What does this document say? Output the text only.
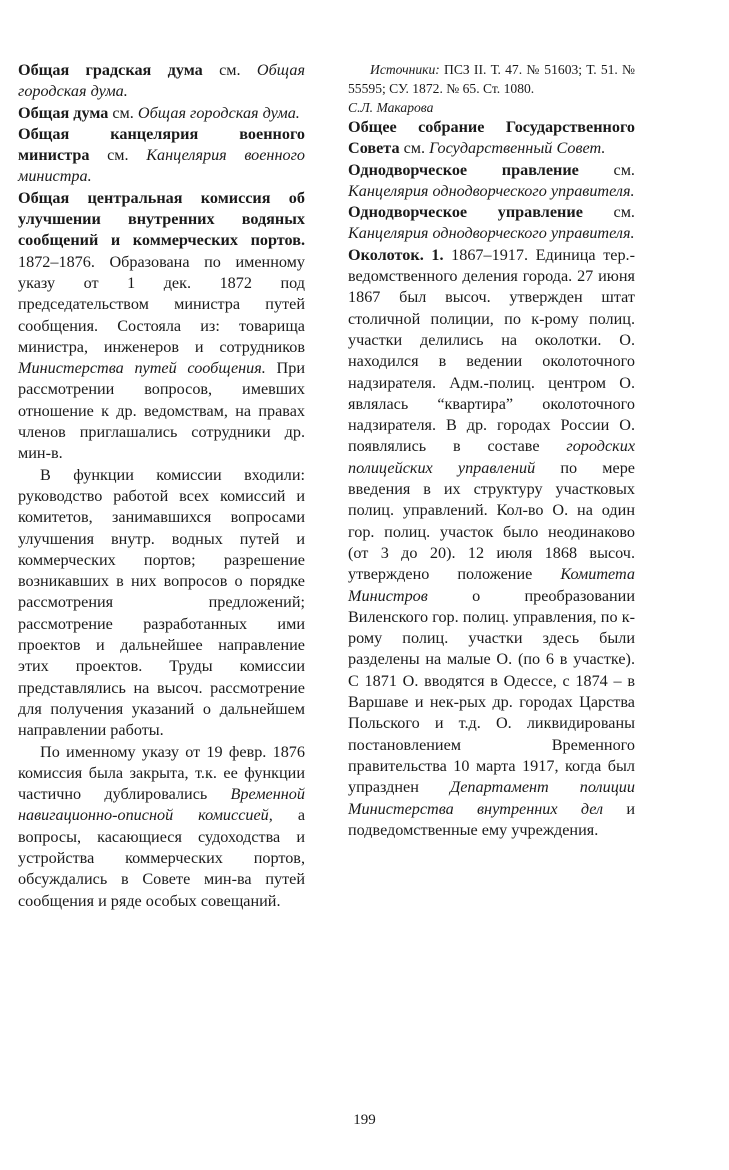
Общая градская дума см. Общая городская дума.

Общая дума см. Общая городская дума.

Общая канцелярия военного министра см. Канцелярия военного министра.

Общая центральная комиссия об улучшении внутренних водяных сообщений и коммерческих портов. 1872–1876. Образована по именному указу от 1 дек. 1872 под председательством министра путей сообщения. Состояла из: товарища министра, инженеров и сотрудников Министерства путей сообщения. При рассмотрении вопросов, имевших отношение к др. ведомствам, на правах членов приглашались сотрудники др. мин-в.

В функции комиссии входили: руководство работой всех комиссий и комитетов, занимавшихся вопросами улучшения внутр. водных путей и коммерческих портов; разрешение возникавших в них вопросов о порядке рассмотрения предложений; рассмотрение разработанных ими проектов и дальнейшее направление этих проектов. Труды комиссии представлялись на высоч. рассмотрение для получения указаний о дальнейшем направлении работы.

По именному указу от 19 февр. 1876 комиссия была закрыта, т.к. ее функции частично дублировались Временной навигационно-описной комиссией, а вопросы, касающиеся судоходства и устройства коммерческих портов, обсуждались в Совете мин-ва путей сообщения и ряде особых совещаний.

Источники: ПСЗ II. Т. 47. № 51603; Т. 51. № 55595; СУ. 1872. № 65. Ст. 1080.

С.Л. Макарова

Общее собрание Государственного Совета см. Государственный Совет.

Однодворческое правление см. Канцелярия однодворческого управителя.

Однодворческое управление см. Канцелярия однодворческого управителя.

Околоток. 1. 1867–1917. Единица тер.-ведомственного деления города. 27 июня 1867 был высоч. утвержден штат столичной полиции, по к-рому полиц. участки делились на околотки. О. находился в ведении околоточного надзирателя. Адм.-полиц. центром О. являлась “квартира” околоточного надзирателя. В др. городах России О. появлялись в составе городских полицейских управлений по мере введения в их структуру участковых полиц. управлений. Кол-во О. на один гор. полиц. участок было неодинаково (от 3 до 20). 12 июля 1868 высоч. утверждено положение Комитета Министров о преобразовании Виленского гор. полиц. управления, по к-рому полиц. участки здесь были разделены на малые О. (по 6 в участке). С 1871 О. вводятся в Одессе, с 1874 – в Варшаве и нек-рых др. городах Царства Польского и т.д. О. ликвидированы постановлением Временного правительства 10 марта 1917, когда был упразднен Департамент полиции Министерства внутренних дел и подведомственные ему учреждения.

199
